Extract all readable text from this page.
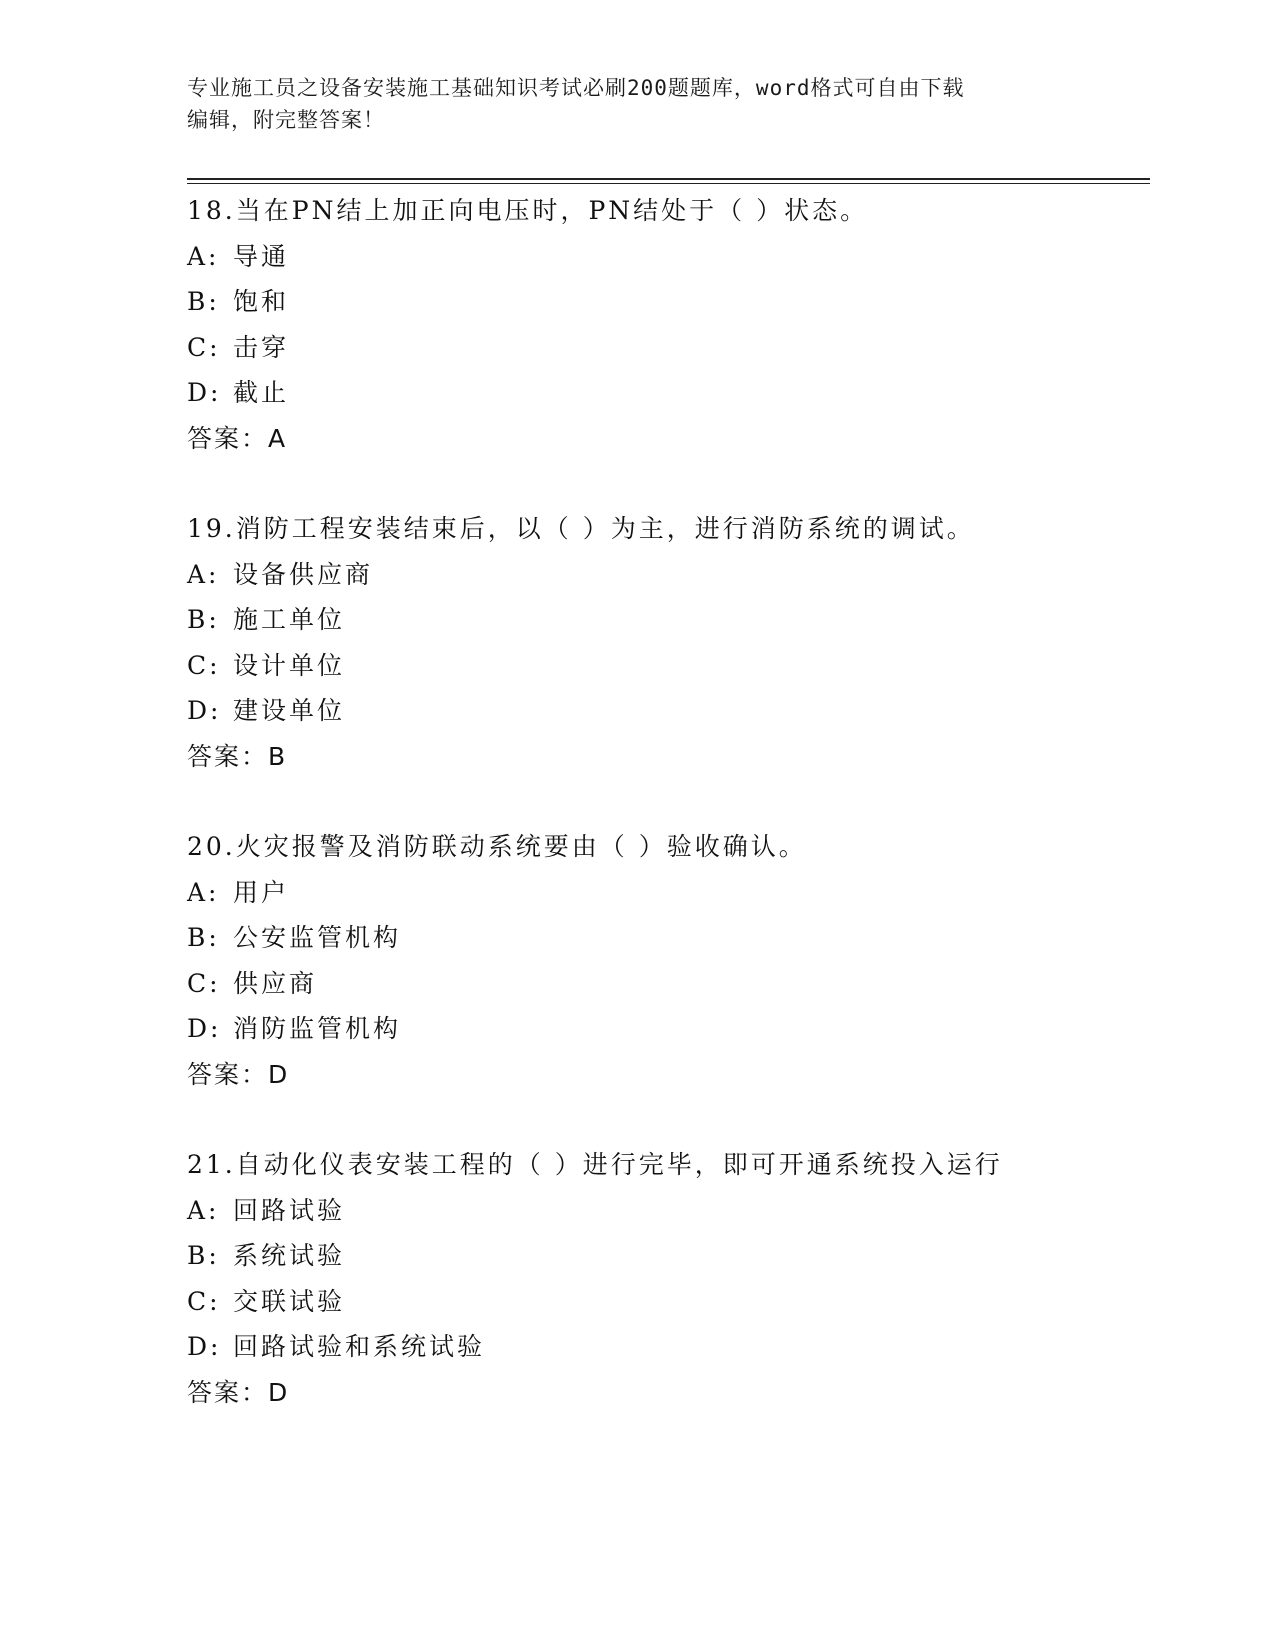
专业施工员之设备安装施工基础知识考试必刷200题题库，word格式可自由下载
编辑，附完整答案！
18.当在PN结上加正向电压时，PN结处于（ ）状态。
A: 导通
B: 饱和
C: 击穿
D: 截止
答案：A
19.消防工程安装结束后，以（ ）为主，进行消防系统的调试。
A: 设备供应商
B: 施工单位
C: 设计单位
D: 建设单位
答案：B
20.火灾报警及消防联动系统要由（ ）验收确认。
A: 用户
B: 公安监管机构
C: 供应商
D: 消防监管机构
答案：D
21.自动化仪表安装工程的（ ）进行完毕，即可开通系统投入运行
A: 回路试验
B: 系统试验
C: 交联试验
D: 回路试验和系统试验
答案：D
